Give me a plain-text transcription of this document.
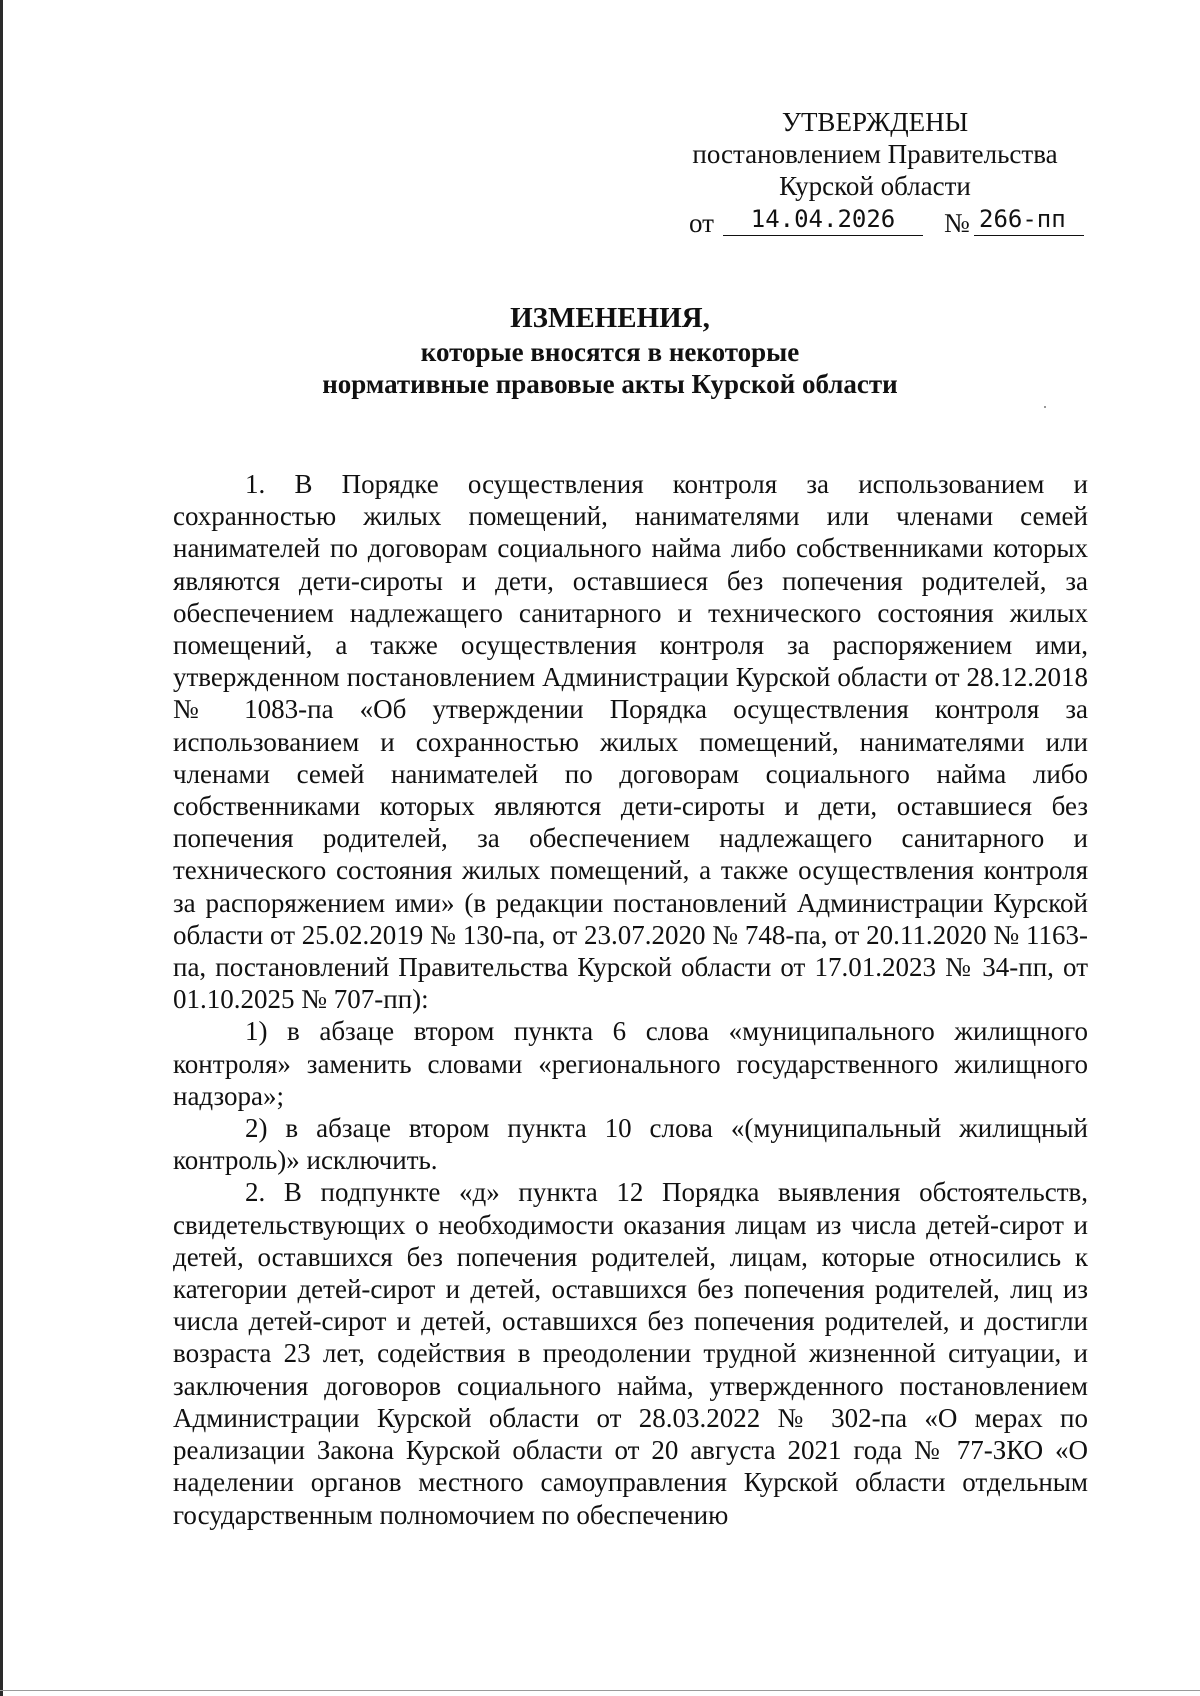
УТВЕРЖДЕНЫ
постановлением Правительства
Курской области
от	14.04.2026	№ 266-пп
ИЗМЕНЕНИЯ,
которые вносятся в некоторые
нормативные правовые акты Курской области

1. В Порядке осуществления контроля за использованием и сохранностью жилых помещений, нанимателями или членами семей нанимателей по договорам социального найма либо собственниками которых являются дети-сироты и дети, оставшиеся без попечения родителей, за обеспечением надлежащего санитарного и технического состояния жилых помещений, а также осуществления контроля за распоряжением ими, утвержденном постановлением Администрации Курской области от 28.12.2018 № 1083-па «Об утверждении Порядка осуществления контроля за использованием и сохранностью жилых помещений, нанимателями или членами семей нанимателей по договорам социального найма либо собственниками которых являются дети-сироты и дети, оставшиеся без попечения родителей, за обеспечением надлежащего санитарного и технического состояния жилых помещений, а также осуществления контроля за распоряжением ими» (в редакции постановлений Администрации Курской области от 25.02.2019 № 130-па, от 23.07.2020 № 748-па, от 20.11.2020 № 1163-па, постановлений Правительства Курской области от 17.01.2023 № 34-пп, от 01.10.2025 № 707-пп):

1) в абзаце втором пункта 6 слова «муниципального жилищного контроля» заменить словами «регионального государственного жилищного надзора»;

2) в абзаце втором пункта 10 слова «(муниципальный жилищный контроль)» исключить.

2. В подпункте «д» пункта 12 Порядка выявления обстоятельств, свидетельствующих о необходимости оказания лицам из числа детей-сирот и детей, оставшихся без попечения родителей, лицам, которые относились к категории детей-сирот и детей, оставшихся без попечения родителей, лиц из числа детей-сирот и детей, оставшихся без попечения родителей, и достигли возраста 23 лет, содействия в преодолении трудной жизненной ситуации, и заключения договоров социального найма, утвержденного постановлением Администрации Курской области от 28.03.2022 № 302-па «О мерах по реализации Закона Курской области от 20 августа 2021 года № 77-ЗКО «О наделении органов местного самоуправления Курской области отдельным государственным полномочием по обеспечению
